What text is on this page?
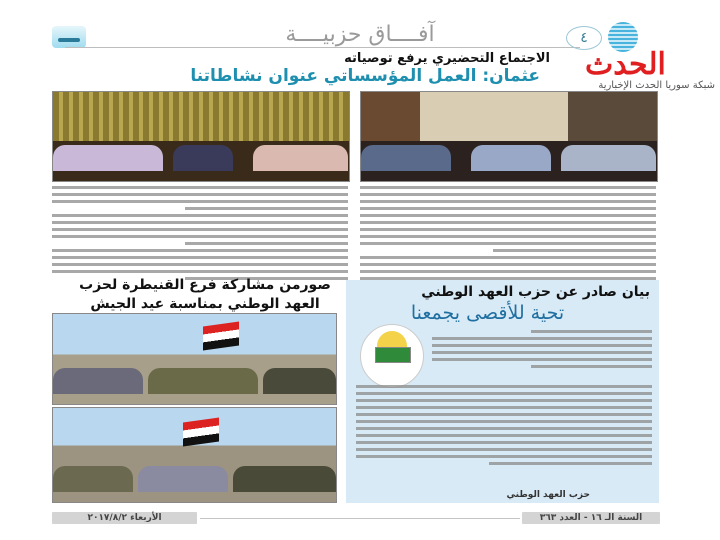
آفــــاق حزبيــــة	٤
الحدث
شبكة سوريا الحدث الإخبارية
الاجتماع التحضيري يرفع توصياته
عثمان: العمل المؤسساتي عنوان نشاطاتنا
صورمن مشاركة فرع القنيطرة لحزب
العهد الوطني بمناسبة عيد الجيش
بيان صادر عن حزب العهد الوطني
تحية للأقصى يجمعنا
حزب العهد الوطني
الأربعاء ٢٠١٧/٨/٢	السنة الـ ١٦ - العدد ٣٦٣
